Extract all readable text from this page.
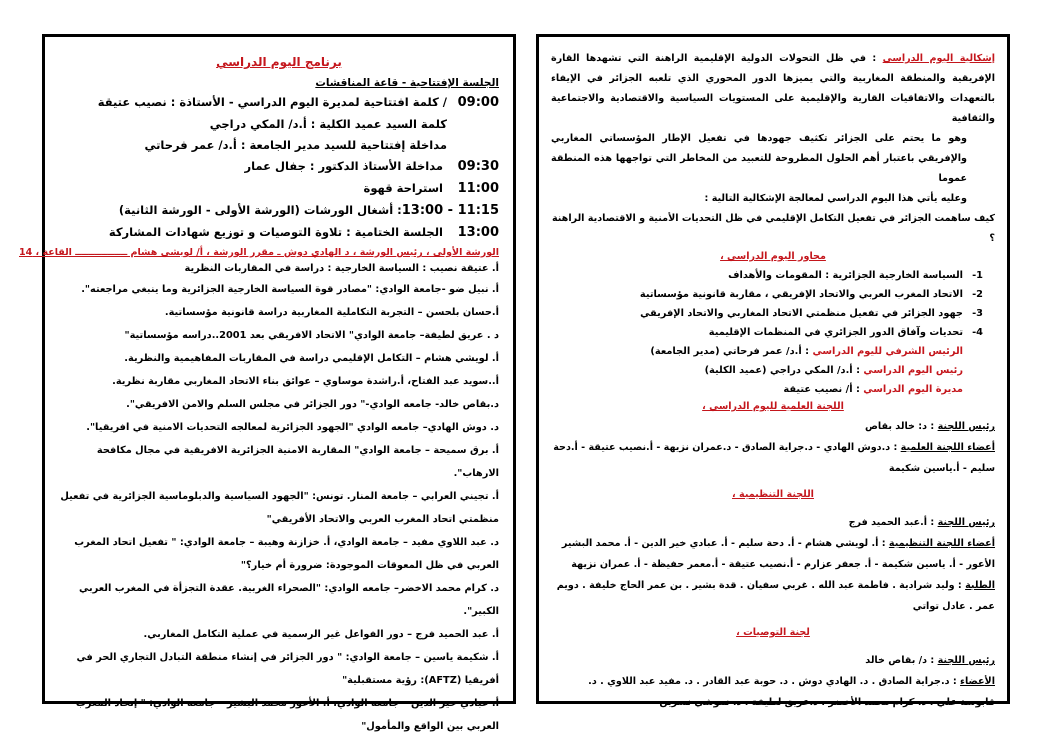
برنامج اليوم الدراسي
الجلسة الإفتتاحية - قاعة المناقشات
09:00/ كلمة افتتاحية لمديرة اليوم الدراسي - الأستاذة : نصيب عتيقة
كلمة السيد عميد الكلية : أ.د/ المكي دراجي
مداخلة إفتتاحية للسيد مدير الجامعة : أ.د/ عمر فرحاتي
09:30 مداخلة الأستاذ الدكتور : جفال عمار
11:00 استراحة قهوة
11:15 - 13:00: أشغال الورشات (الورشة الأولى - الورشة الثانية)
13:00 الجلسة الختامية : تلاوة التوصيات و توزيع شهادات المشاركة
الورشة الأولى ، رئيس الورشة ، د الهادي دوش ـ مقرر الورشة ، أ/ لويشي هشام ــــــــــــــــ القاعة ، 14
أ. عتيقة نصيب : السياسة الخارجية : دراسة في المقاربات النظرية
أ. نبيل ضو -جامعة الوادي: "مصادر قوة السياسة الخارجية الجزائرية وما ينبغي مراجعته".
أ.حسان بلحسن – التجربة التكاملية المغاربية دراسة قانونية مؤسساتية.
د . عريق لطيفة– جامعة الوادي" الاتحاد الافريقي بعد 2001..دراسه مؤسساتية"
أ. لويشي هشام – التكامل الإقليمي دراسة في المقاربات المفاهيمية والنظرية.
أ..سويد عبد الفتاح، أ.راشدة موساوي – عوائق بناء الاتحاد المغاربي مقاربة نظرية.
د.بقاص خالد- جامعه الوادي-" دور الجزائر في مجلس السلم والامن الافريقي".
د. دوش الهادي– جامعه الوادي "الجهود الجزائرية لمعالجه التحديات الامنية في افريقيا".
أ. برق سميحة – جامعة الوادي" المقاربة الامنية الجزائرية الافريقية في مجال مكافحة الارهاب".
أ. تجيني العرابي – جامعة المنار. تونس: "الجهود السياسية والدبلوماسية الجزائرية في تفعيل منظمتي اتحاد المغرب العربي والاتحاد الأفريقي"
د. عبد اللاوي مفيد – جامعة الوادي، أ. خزازنة وهيبة – جامعة الوادي: " تفعيل اتحاد المغرب العربي في ظل المعوقات الموجودة: ضرورة أم خيار؟"
د. كرام محمد الاخضر– جامعه الوادي: "الصحراء الغربية. عقدة التجزأة في المغرب العربي الكبير".
أ. عبد الحميد فرج – دور الفواعل غير الرسمية في عملية التكامل المغاربي.
أ. شكيمة ياسين – جامعة الوادي: " دور الجزائر في إنشاء منطقة التبادل التجاري الحر في أفريقيا (AFTZ): رؤية مستقبلية"
أ. عبادي خير الدين – جامعة الوادي، أ. الأعور محمد البشير – جامعة الوادي: " إتحاد المغرب العربي بين الواقع والمأمول"

إشكالية اليوم الدراسي : في ظل التحولات الدولية الإقليمية الراهنة التي تشهدها القارة الإفريقية والمنطقة المغاربية والتي يميزها الدور المحوري الذي تلعبه الجزائر في الإيفاء بالتعهدات والاتفاقيات القارية والإقليمية على المستويات السياسية والاقتصادية والاجتماعية والثقافية

وهو ما يحتم على الجزائر تكثيف جهودها في تفعيل الإطار المؤسساتي المغاربي والإفريقي باعتبار أهم الحلول المطروحة للتعبيد من المخاطر التي تواجهها هذه المنطقة عموما

وعليه يأتي هذا اليوم الدراسي لمعالجة الإشكالية التالية :

كيف ساهمت الجزائر في تفعيل التكامل الإقليمي في ظل التحديات الأمنية و الاقتصادية الراهنة ؟
محاور اليوم الدراسي ،
1-السياسة الخارجية الجزائرية : المقومات والأهداف
2-الاتحاد المغرب العربي والاتحاد الإفريقي ، مقاربة قانونية مؤسساتية
3-جهود الجزائر في تفعيل منظمتي الاتحاد المغاربي والاتحاد الإفريقي
4-تحديات وآفاق الدور الجزائري في المنظمات الإقليمية
الرئيس الشرفي لليوم الدراسي : أ.د/ عمر فرحاتي (مدير الجامعة)
رئيس اليوم الدراسي : أ.د/ المكي دراجي (عميد الكلية)
مديرة اليوم الدراسي : أ/ نصيب عتيقة
اللجنة العلمية لليوم الدراسي ،
رئيس اللجنة : د: خالد بقاص
أعضاء اللجنة العلمية : د.دوش الهادي - د.جراية الصادق - د.عمران نزيهة - أ.نصيب عتيقة - أ.دحة سليم - أ.ياسين شكيمة
اللجنة التنظيمية ،
رئيس اللجنة : أ.عبد الحميد فرج
أعضاء اللجنة التنظيمية : أ. لويشي هشام - أ. دحة سليم - أ. عبادي خير الدين - أ. محمد البشير الأعور - أ. ياسين شكيمة - أ. جعفر عزارم - أ.نصيب عتيقة - أ.معمر حفيظة - أ. عمران نزيهة
الطلبة : وليد شرادية . فاطمة عبد الله . غربي سفيان . قدة بشير . بن عمر الحاج خليفة . دويم عمر . عادل تواتي
لجنة التوصيات ،
رئيس اللجنة : د/ بقاص خالد
الأعضاء : د.جراية الصادق . د. الهادي دوش . د. حوبة عبد القادر . د. مفيد عبد اللاوي . د. قابوسة علي . د. كرام محمد الأخضر . د.عريق لطيفة . د. نموشي نسرين
